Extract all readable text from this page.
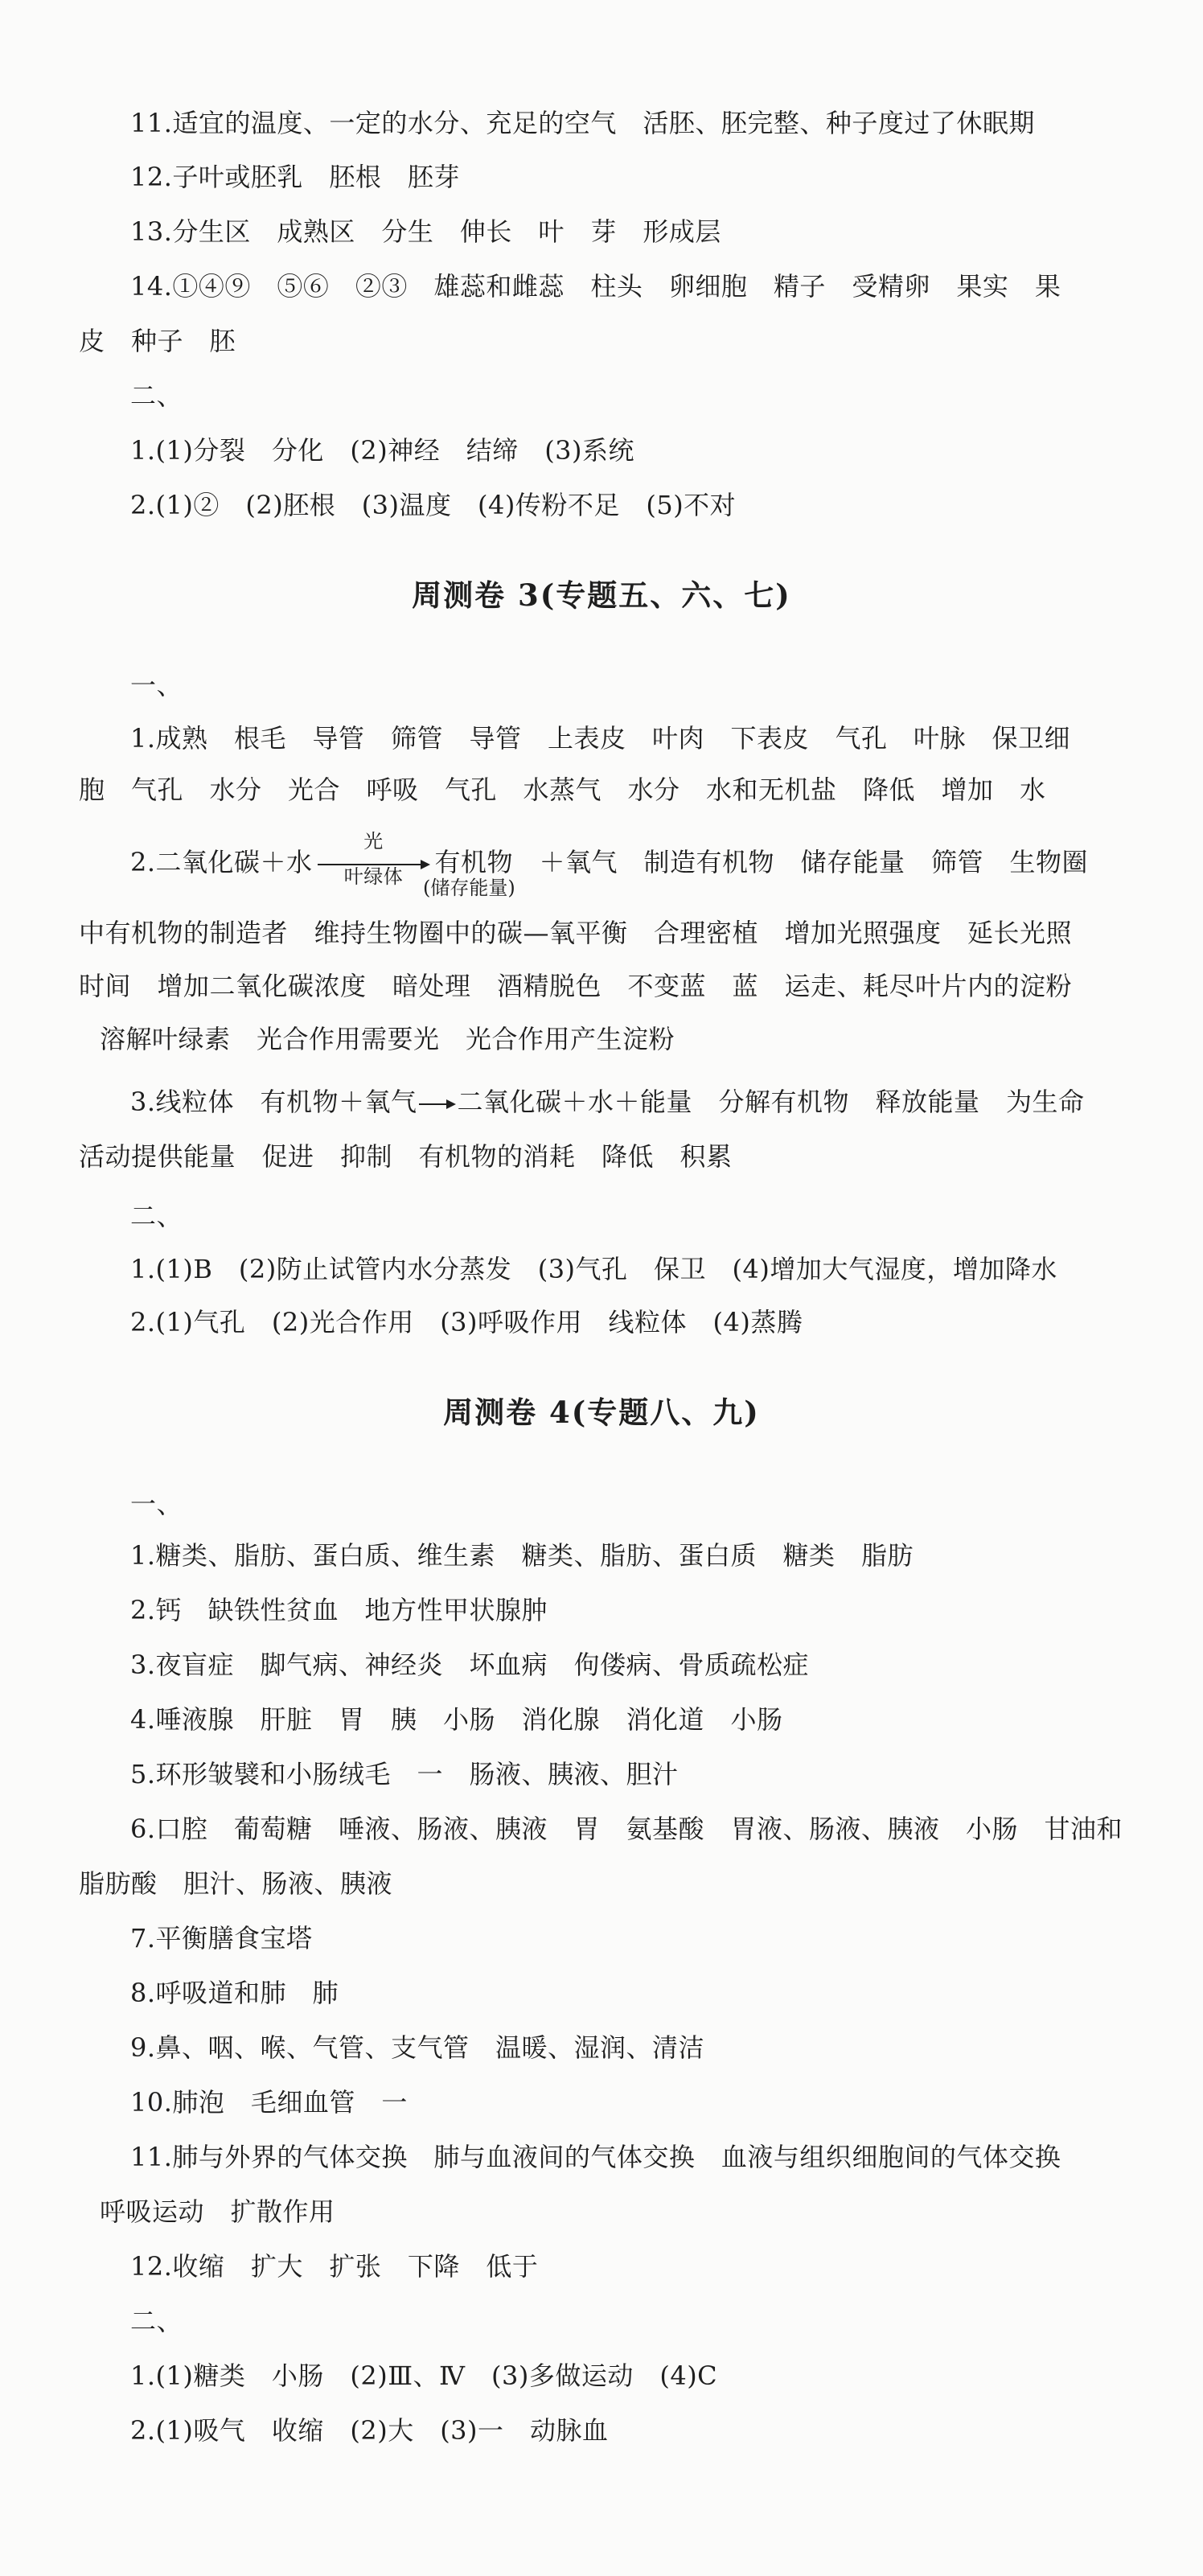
11.适宜的温度、一定的水分、充足的空气　活胚、胚完整、种子度过了休眠期
12.子叶或胚乳　胚根　胚芽
13.分生区　成熟区　分生　伸长　叶　芽　形成层
14.①④⑨　⑤⑥　②③　雄蕊和雌蕊　柱头　卵细胞　精子　受精卵　果实　果
皮　种子　胚
二、
1.(1)分裂　分化　(2)神经　结缔　(3)系统
2.(1)②　(2)胚根　(3)温度　(4)传粉不足　(5)不对
周测卷 3(专题五、六、七)
一、
1.成熟　根毛　导管　筛管　导管　上表皮　叶肉　下表皮　气孔　叶脉　保卫细
胞　气孔　水分　光合　呼吸　气孔　水蒸气　水分　水和无机盐　降低　增加　水
2.二氧化碳＋水
光
叶绿体	有机物　＋氧气　制造有机物　储存能量　筛管　生物圈
(储存能量)
中有机物的制造者　维持生物圈中的碳—氧平衡　合理密植　增加光照强度　延长光照
时间　增加二氧化碳浓度　暗处理　酒精脱色　不变蓝　蓝　运走、耗尽叶片内的淀粉
溶解叶绿素　光合作用需要光　光合作用产生淀粉
3.线粒体　有机物＋氧气 二氧化碳＋水＋能量　分解有机物　释放能量　为生命
活动提供能量　促进　抑制　有机物的消耗　降低　积累
二、
1.(1)B　(2)防止试管内水分蒸发　(3)气孔　保卫　(4)增加大气湿度，增加降水
2.(1)气孔　(2)光合作用　(3)呼吸作用　线粒体　(4)蒸腾
周测卷 4(专题八、九)
一、
1.糖类、脂肪、蛋白质、维生素　糖类、脂肪、蛋白质　糖类　脂肪
2.钙　缺铁性贫血　地方性甲状腺肿
3.夜盲症　脚气病、神经炎　坏血病　佝偻病、骨质疏松症
4.唾液腺　肝脏　胃　胰　小肠　消化腺　消化道　小肠
5.环形皱襞和小肠绒毛　一　肠液、胰液、胆汁
6.口腔　葡萄糖　唾液、肠液、胰液　胃　氨基酸　胃液、肠液、胰液　小肠　甘油和
脂肪酸　胆汁、肠液、胰液
7.平衡膳食宝塔
8.呼吸道和肺　肺
9.鼻、咽、喉、气管、支气管　温暖、湿润、清洁
10.肺泡　毛细血管　一
11.肺与外界的气体交换　肺与血液间的气体交换　血液与组织细胞间的气体交换
呼吸运动　扩散作用
12.收缩　扩大　扩张　下降　低于
二、
1.(1)糖类　小肠　(2)Ⅲ、Ⅳ　(3)多做运动　(4)C
2.(1)吸气　收缩　(2)大　(3)一　动脉血
